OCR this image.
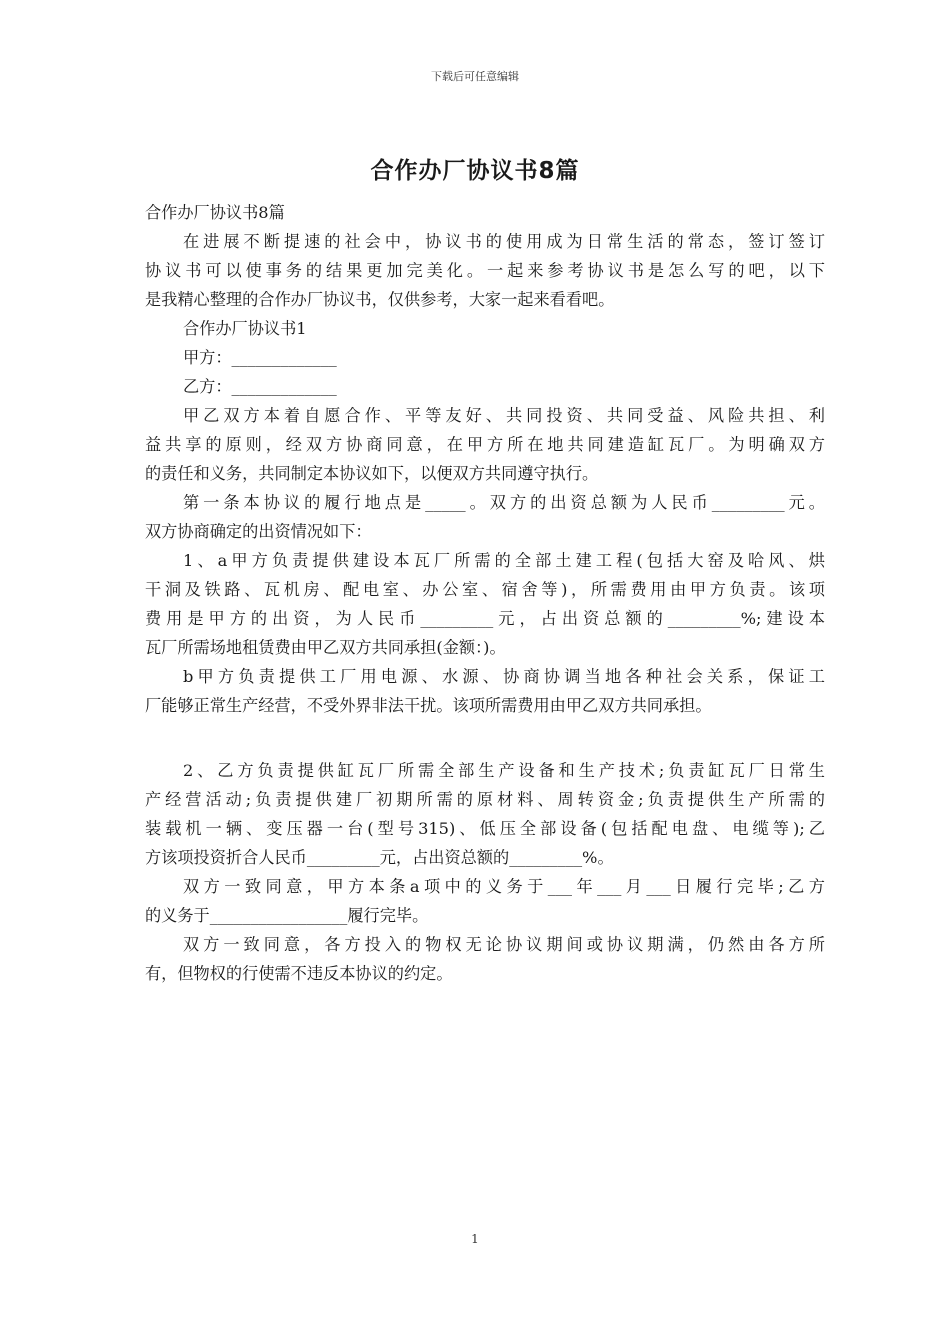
下载后可任意编辑
合作办厂协议书8篇
合作办厂协议书8篇
在进展不断提速的社会中，协议书的使用成为日常生活的常态，签订签订
协议书可以使事务的结果更加完美化。一起来参考协议书是怎么写的吧，以下
是我精心整理的合作办厂协议书，仅供参考，大家一起来看看吧。
合作办厂协议书1
甲方：_____________
乙方：_____________
甲乙双方本着自愿合作、平等友好、共同投资、共同受益、风险共担、利
益共享的原则，经双方协商同意，在甲方所在地共同建造缸瓦厂。为明确双方
的责任和义务，共同制定本协议如下，以便双方共同遵守执行。
第一条本协议的履行地点是_____。双方的出资总额为人民币_________元。
双方协商确定的出资情况如下：
1、a甲方负责提供建设本瓦厂所需的全部土建工程(包括大窑及哈风、烘
干洞及铁路、瓦机房、配电室、办公室、宿舍等)，所需费用由甲方负责。该项
费用是甲方的出资，为人民币_________元，占出资总额的_________%;建设本
瓦厂所需场地租赁费由甲乙双方共同承担(金额：)。
b甲方负责提供工厂用电源、水源、协商协调当地各种社会关系，保证工
厂能够正常生产经营，不受外界非法干扰。该项所需费用由甲乙双方共同承担。
2、乙方负责提供缸瓦厂所需全部生产设备和生产技术;负责缸瓦厂日常生
产经营活动;负责提供建厂初期所需的原材料、周转资金;负责提供生产所需的
装载机一辆、变压器一台(型号315)、低压全部设备(包括配电盘、电缆等);乙
方该项投资折合人民币_________元，占出资总额的_________%。
双方一致同意，甲方本条a项中的义务于___年___月___日履行完毕;乙方
的义务于_________________履行完毕。
双方一致同意，各方投入的物权无论协议期间或协议期满，仍然由各方所
有，但物权的行使需不违反本协议的约定。
1
